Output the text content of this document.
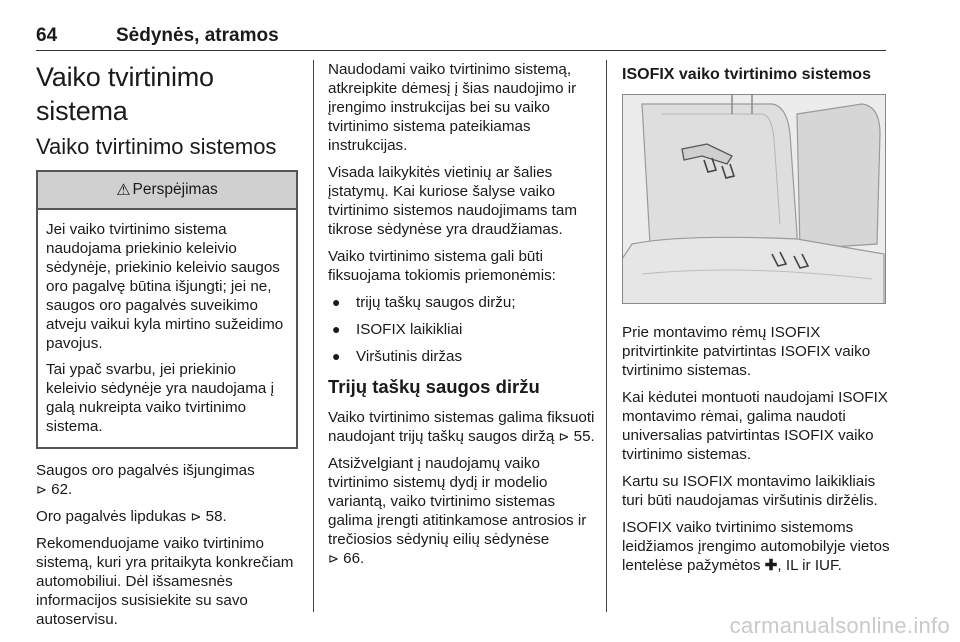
64	Sėdynės, atramos
Vaiko tvirtinimo sistema
Vaiko tvirtinimo sistemos
⚠ Perspėjimas

Jei vaiko tvirtinimo sistema naudojama priekinio keleivio sėdynėje, priekinio keleivio saugos oro pagalvę būtina išjungti; jei ne, saugos oro pagalvės suveikimo atveju vaikui kyla mirtino sužeidimo pavojus.

Tai ypač svarbu, jei priekinio keleivio sėdynėje yra naudojama į galą nukreipta vaiko tvirtinimo sistema.

Saugos oro pagalvės išjungimas
⊳ 62.

Oro pagalvės lipdukas ⊳ 58.

Rekomenduojame vaiko tvirtinimo sistemą, kuri yra pritaikyta konkrečiam automobiliui. Dėl išsamesnės informacijos susisiekite su savo autoservisu.

Naudodami vaiko tvirtinimo sistemą, atkreipkite dėmesį į šias naudojimo ir įrengimo instrukcijas bei su vaiko tvirtinimo sistema pateikiamas instrukcijas.

Visada laikykitės vietinių ar šalies įstatymų. Kai kuriose šalyse vaiko tvirtinimo sistemos naudojimams tam tikrose sėdynėse yra draudžiamas.

Vaiko tvirtinimo sistema gali būti fiksuojama tokiomis priemonėmis:

● trijų taškų saugos diržu;
● ISOFIX laikikliai
● Viršutinis diržas
Trijų taškų saugos diržu

Vaiko tvirtinimo sistemas galima fiksuoti naudojant trijų taškų saugos diržą ⊳ 55.

Atsižvelgiant į naudojamų vaiko tvirtinimo sistemų dydį ir modelio variantą, vaiko tvirtinimo sistemas galima įrengti atitinkamose antrosios ir trečiosios sėdynių eilių sėdynėse
⊳ 66.

ISOFIX vaiko tvirtinimo sistemos

Prie montavimo rėmų ISOFIX pritvirtinkite patvirtintas ISOFIX vaiko tvirtinimo sistemas.

Kai kėdutei montuoti naudojami ISOFIX montavimo rėmai, galima naudoti universalias patvirtintas ISOFIX vaiko tvirtinimo sistemas.

Kartu su ISOFIX montavimo laikikliais turi būti naudojamas viršutinis diržėlis.

ISOFIX vaiko tvirtinimo sistemoms leidžiamos įrengimo automobilyje vietos lentelėse pažymėtos ✚, IL ir IUF.

carmanualsonline.info
